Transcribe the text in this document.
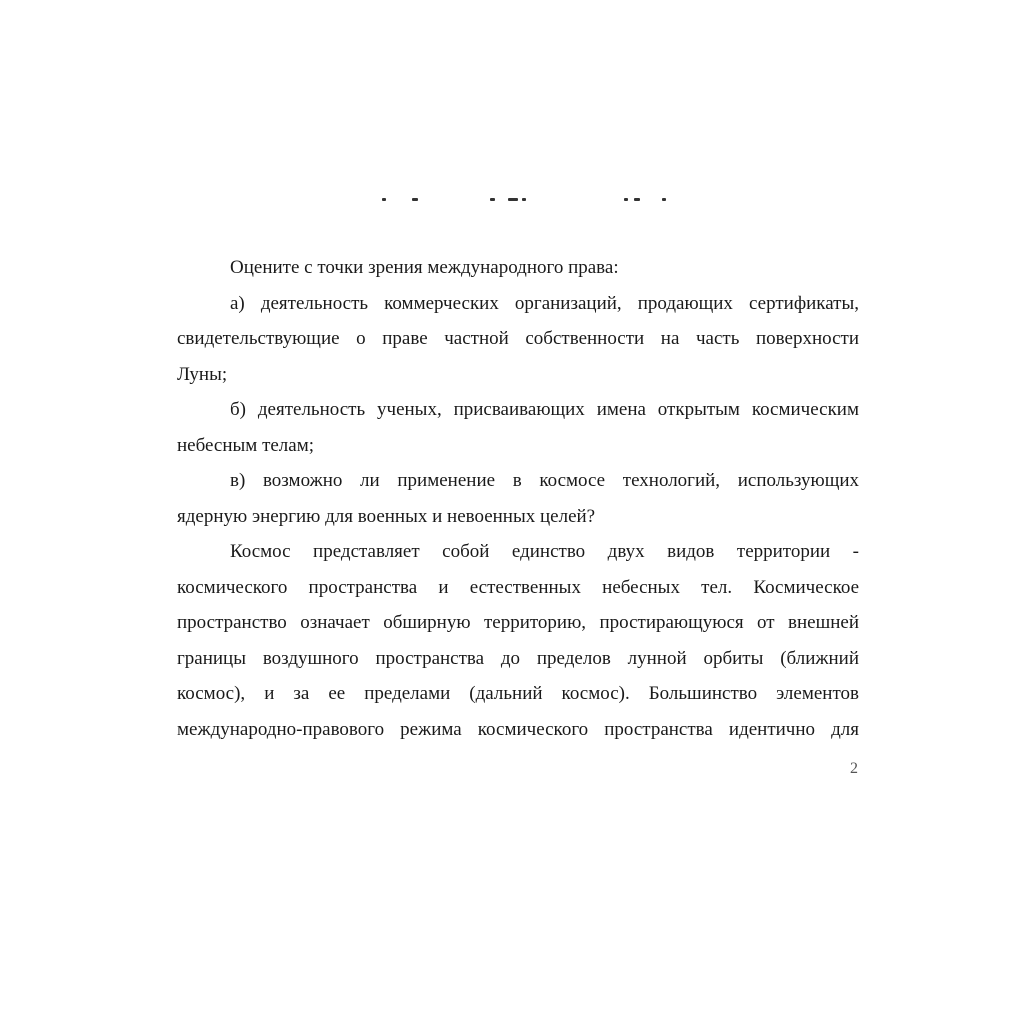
Оцените с точки зрения международного права:
а) деятельность коммерческих организаций, продающих сертификаты,
свидетельствующие о праве частной собственности на часть поверхности
Луны;
б) деятельность ученых, присваивающих имена открытым космическим
небесным телам;
в) возможно ли применение в космосе технологий, использующих
ядерную энергию для военных и невоенных целей?
Космос представляет собой единство двух видов территории -
космического пространства и естественных небесных тел. Космическое
пространство означает обширную территорию, простирающуюся от внешней
границы воздушного пространства до пределов лунной орбиты (ближний
космос), и за ее пределами (дальний космос). Большинство элементов
международно-правового режима космического пространства идентично для
2
